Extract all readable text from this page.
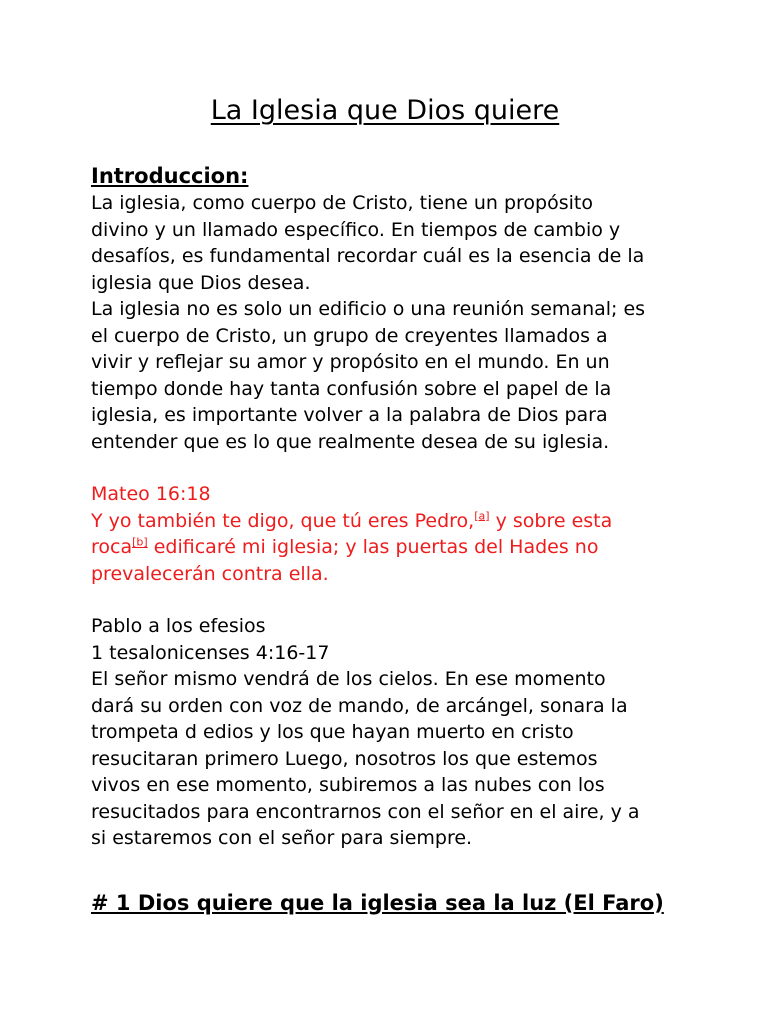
La Iglesia que Dios quiere
Introduccion:

La iglesia, como cuerpo de Cristo, tiene un propósito
divino y un llamado específico. En tiempos de cambio y
desafíos, es fundamental recordar cuál es la esencia de la
iglesia que Dios desea.

La iglesia no es solo un edificio o una reunión semanal; es
el cuerpo de Cristo, un grupo de creyentes llamados a
vivir y reflejar su amor y propósito en el mundo. En un
tiempo donde hay tanta confusión sobre el papel de la
iglesia, es importante volver a la palabra de Dios para
entender que es lo que realmente desea de su iglesia.

Mateo 16:18

Y yo también te digo, que tú eres Pedro,[a] y sobre esta
roca[b] edificaré mi iglesia; y las puertas del Hades no
prevalecerán contra ella.

Pablo a los efesios

1 tesalonicenses 4:16-17

El señor mismo vendrá de los cielos. En ese momento
dará su orden con voz de mando, de arcángel, sonara la
trompeta d edios y los que hayan muerto en cristo
resucitaran primero Luego, nosotros los que estemos
vivos en ese momento, subiremos a las nubes con los
resucitados para encontrarnos con el señor en el aire, y a
si estaremos con el señor para siempre.

# 1 Dios quiere que la iglesia sea la luz (El Faro)
